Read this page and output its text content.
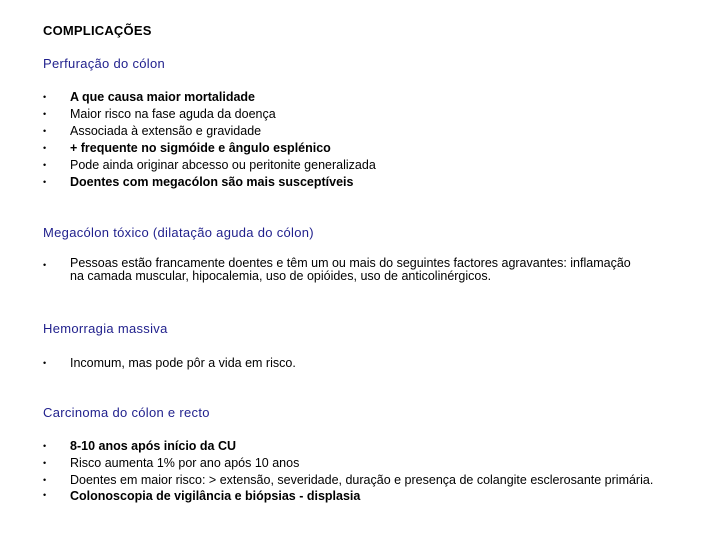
COMPLICAÇÕES
Perfuração do cólon
• A que causa maior mortalidade
• Maior risco na fase aguda da doença
• Associada à extensão e gravidade
• + frequente no sigmóide e ângulo esplénico
• Pode ainda originar abcesso ou peritonite generalizada
• Doentes com megacólon são mais susceptíveis
Megacólon tóxico (dilatação aguda do cólon)
• Pessoas estão francamente doentes e têm um ou mais do seguintes factores agravantes: inflamação na camada muscular, hipocalemia, uso de opióides, uso de anticolinérgicos.
Hemorragia massiva
• Incomum, mas pode pôr a vida em risco.
Carcinoma do cólon e recto
• 8-10 anos após início da CU
• Risco aumenta 1% por ano após 10 anos
• Doentes em maior risco: > extensão, severidade, duração e presença de colangite esclerosante primária.
• Colonoscopia de vigilância e biópsias - displasia
